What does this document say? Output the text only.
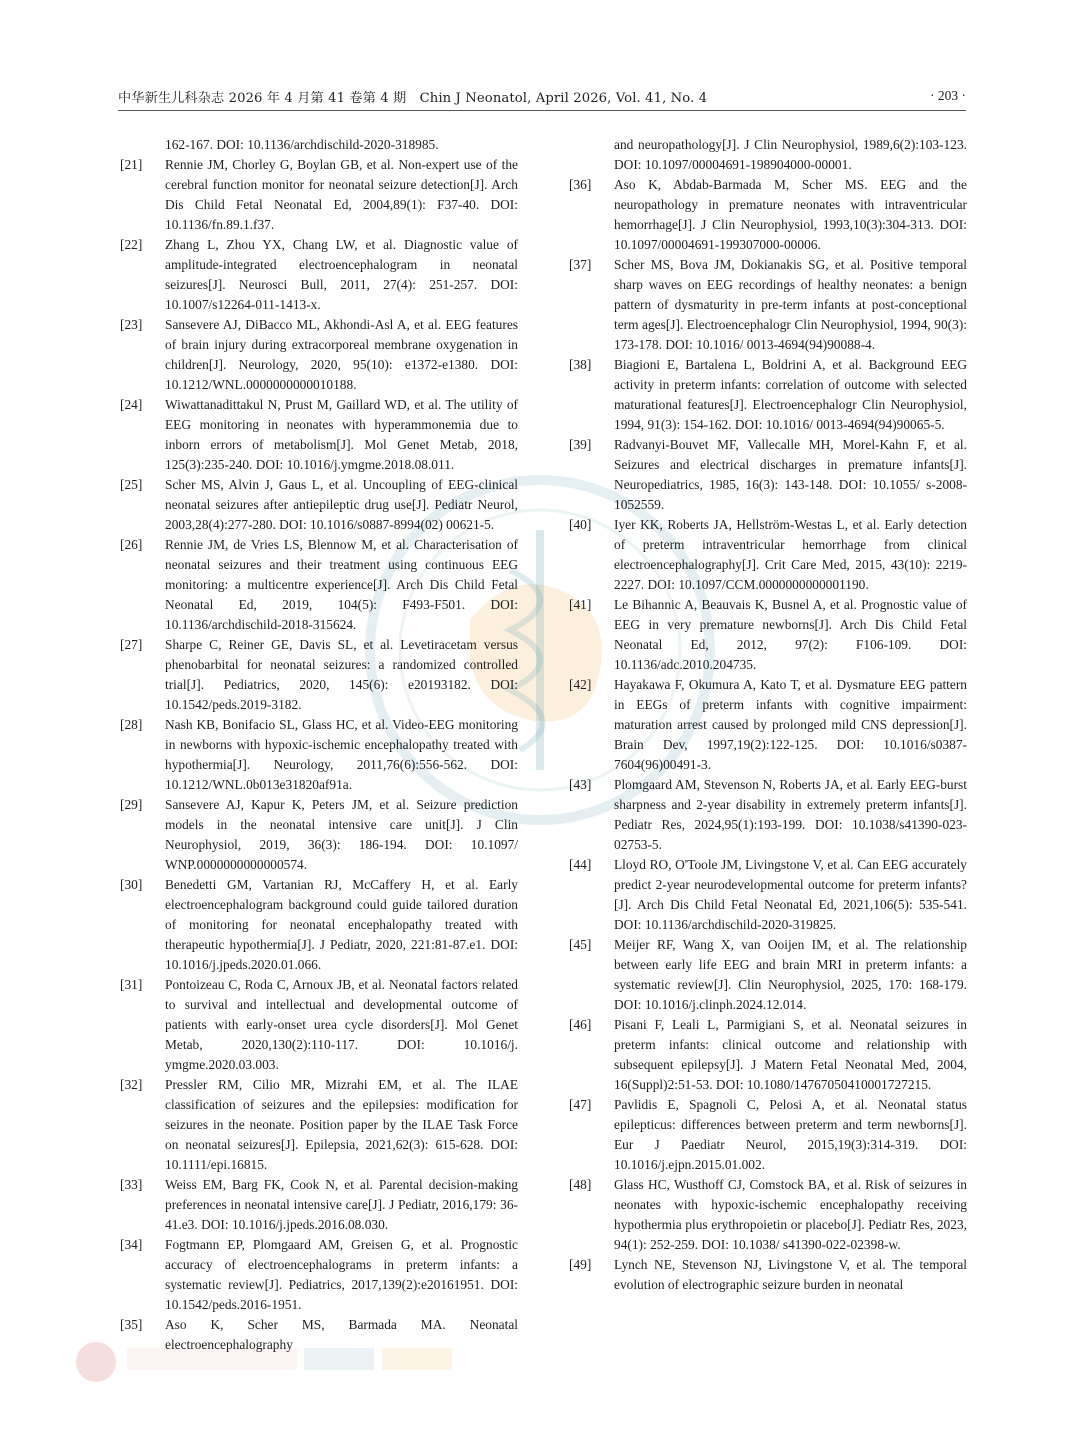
中华新生儿科杂志 2026 年 4 月第 41 卷第 4 期　Chin J Neonatol, April 2026, Vol. 41, No. 4	· 203 ·
162-167. DOI: 10.1136/archdischild-2020-318985.
[21] Rennie JM, Chorley G, Boylan GB, et al. Non-expert use of the cerebral function monitor for neonatal seizure detection[J]. Arch Dis Child Fetal Neonatal Ed, 2004,89(1): F37-40. DOI: 10.1136/fn.89.1.f37.
[22] Zhang L, Zhou YX, Chang LW, et al. Diagnostic value of amplitude-integrated electroencephalogram in neonatal seizures[J]. Neurosci Bull, 2011, 27(4): 251-257. DOI: 10.1007/s12264-011-1413-x.
[23] Sansevere AJ, DiBacco ML, Akhondi-Asl A, et al. EEG features of brain injury during extracorporeal membrane oxygenation in children[J]. Neurology, 2020, 95(10): e1372-e1380. DOI: 10.1212/WNL.0000000000010188.
[24] Wiwattanadittakul N, Prust M, Gaillard WD, et al. The utility of EEG monitoring in neonates with hyperammonemia due to inborn errors of metabolism[J]. Mol Genet Metab, 2018, 125(3):235-240. DOI: 10.1016/j.ymgme.2018.08.011.
[25] Scher MS, Alvin J, Gaus L, et al. Uncoupling of EEG-clinical neonatal seizures after antiepileptic drug use[J]. Pediatr Neurol, 2003,28(4):277-280. DOI: 10.1016/s0887-8994(02) 00621-5.
[26] Rennie JM, de Vries LS, Blennow M, et al. Characterisation of neonatal seizures and their treatment using continuous EEG monitoring: a multicentre experience[J]. Arch Dis Child Fetal Neonatal Ed, 2019, 104(5): F493-F501. DOI: 10.1136/archdischild-2018-315624.
[27] Sharpe C, Reiner GE, Davis SL, et al. Levetiracetam versus phenobarbital for neonatal seizures: a randomized controlled trial[J]. Pediatrics, 2020, 145(6): e20193182. DOI: 10.1542/peds.2019-3182.
[28] Nash KB, Bonifacio SL, Glass HC, et al. Video-EEG monitoring in newborns with hypoxic-ischemic encephalopathy treated with hypothermia[J]. Neurology, 2011,76(6):556-562. DOI: 10.1212/WNL.0b013e31820af91a.
[29] Sansevere AJ, Kapur K, Peters JM, et al. Seizure prediction models in the neonatal intensive care unit[J]. J Clin Neurophysiol, 2019, 36(3): 186-194. DOI: 10.1097/ WNP.0000000000000574.
[30] Benedetti GM, Vartanian RJ, McCaffery H, et al. Early electroencephalogram background could guide tailored duration of monitoring for neonatal encephalopathy treated with therapeutic hypothermia[J]. J Pediatr, 2020, 221:81-87.e1. DOI: 10.1016/j.jpeds.2020.01.066.
[31] Pontoizeau C, Roda C, Arnoux JB, et al. Neonatal factors related to survival and intellectual and developmental outcome of patients with early-onset urea cycle disorders[J]. Mol Genet Metab, 2020,130(2):110-117. DOI: 10.1016/j. ymgme.2020.03.003.
[32] Pressler RM, Cilio MR, Mizrahi EM, et al. The ILAE classification of seizures and the epilepsies: modification for seizures in the neonate. Position paper by the ILAE Task Force on neonatal seizures[J]. Epilepsia, 2021,62(3): 615-628. DOI: 10.1111/epi.16815.
[33] Weiss EM, Barg FK, Cook N, et al. Parental decision-making preferences in neonatal intensive care[J]. J Pediatr, 2016,179: 36-41.e3. DOI: 10.1016/j.jpeds.2016.08.030.
[34] Fogtmann EP, Plomgaard AM, Greisen G, et al. Prognostic accuracy of electroencephalograms in preterm infants: a systematic review[J]. Pediatrics, 2017,139(2):e20161951. DOI: 10.1542/peds.2016-1951.
[35] Aso K, Scher MS, Barmada MA. Neonatal electroencephalography
and neuropathology[J]. J Clin Neurophysiol, 1989,6(2):103-123. DOI: 10.1097/00004691-198904000-00001.
[36] Aso K, Abdab-Barmada M, Scher MS. EEG and the neuropathology in premature neonates with intraventricular hemorrhage[J]. J Clin Neurophysiol, 1993,10(3):304-313. DOI: 10.1097/00004691-199307000-00006.
[37] Scher MS, Bova JM, Dokianakis SG, et al. Positive temporal sharp waves on EEG recordings of healthy neonates: a benign pattern of dysmaturity in pre-term infants at post-conceptional term ages[J]. Electroencephalogr Clin Neurophysiol, 1994, 90(3): 173-178. DOI: 10.1016/ 0013-4694(94)90088-4.
[38] Biagioni E, Bartalena L, Boldrini A, et al. Background EEG activity in preterm infants: correlation of outcome with selected maturational features[J]. Electroencephalogr Clin Neurophysiol, 1994, 91(3): 154-162. DOI: 10.1016/ 0013-4694(94)90065-5.
[39] Radvanyi-Bouvet MF, Vallecalle MH, Morel-Kahn F, et al. Seizures and electrical discharges in premature infants[J]. Neuropediatrics, 1985, 16(3): 143-148. DOI: 10.1055/ s-2008-1052559.
[40] Iyer KK, Roberts JA, Hellström-Westas L, et al. Early detection of preterm intraventricular hemorrhage from clinical electroencephalography[J]. Crit Care Med, 2015, 43(10): 2219-2227. DOI: 10.1097/CCM.0000000000001190.
[41] Le Bihannic A, Beauvais K, Busnel A, et al. Prognostic value of EEG in very premature newborns[J]. Arch Dis Child Fetal Neonatal Ed, 2012, 97(2): F106-109. DOI: 10.1136/adc.2010.204735.
[42] Hayakawa F, Okumura A, Kato T, et al. Dysmature EEG pattern in EEGs of preterm infants with cognitive impairment: maturation arrest caused by prolonged mild CNS depression[J]. Brain Dev, 1997,19(2):122-125. DOI: 10.1016/s0387-7604(96)00491-3.
[43] Plomgaard AM, Stevenson N, Roberts JA, et al. Early EEG-burst sharpness and 2-year disability in extremely preterm infants[J]. Pediatr Res, 2024,95(1):193-199. DOI: 10.1038/s41390-023-02753-5.
[44] Lloyd RO, O'Toole JM, Livingstone V, et al. Can EEG accurately predict 2-year neurodevelopmental outcome for preterm infants?[J]. Arch Dis Child Fetal Neonatal Ed, 2021,106(5): 535-541. DOI: 10.1136/archdischild-2020-319825.
[45] Meijer RF, Wang X, van Ooijen IM, et al. The relationship between early life EEG and brain MRI in preterm infants: a systematic review[J]. Clin Neurophysiol, 2025, 170: 168-179. DOI: 10.1016/j.clinph.2024.12.014.
[46] Pisani F, Leali L, Parmigiani S, et al. Neonatal seizures in preterm infants: clinical outcome and relationship with subsequent epilepsy[J]. J Matern Fetal Neonatal Med, 2004, 16(Suppl)2:51-53. DOI: 10.1080/14767050410001727215.
[47] Pavlidis E, Spagnoli C, Pelosi A, et al. Neonatal status epilepticus: differences between preterm and term newborns[J]. Eur J Paediatr Neurol, 2015,19(3):314-319. DOI: 10.1016/j.ejpn.2015.01.002.
[48] Glass HC, Wusthoff CJ, Comstock BA, et al. Risk of seizures in neonates with hypoxic-ischemic encephalopathy receiving hypothermia plus erythropoietin or placebo[J]. Pediatr Res, 2023, 94(1): 252-259. DOI: 10.1038/ s41390-022-02398-w.
[49] Lynch NE, Stevenson NJ, Livingstone V, et al. The temporal evolution of electrographic seizure burden in neonatal
